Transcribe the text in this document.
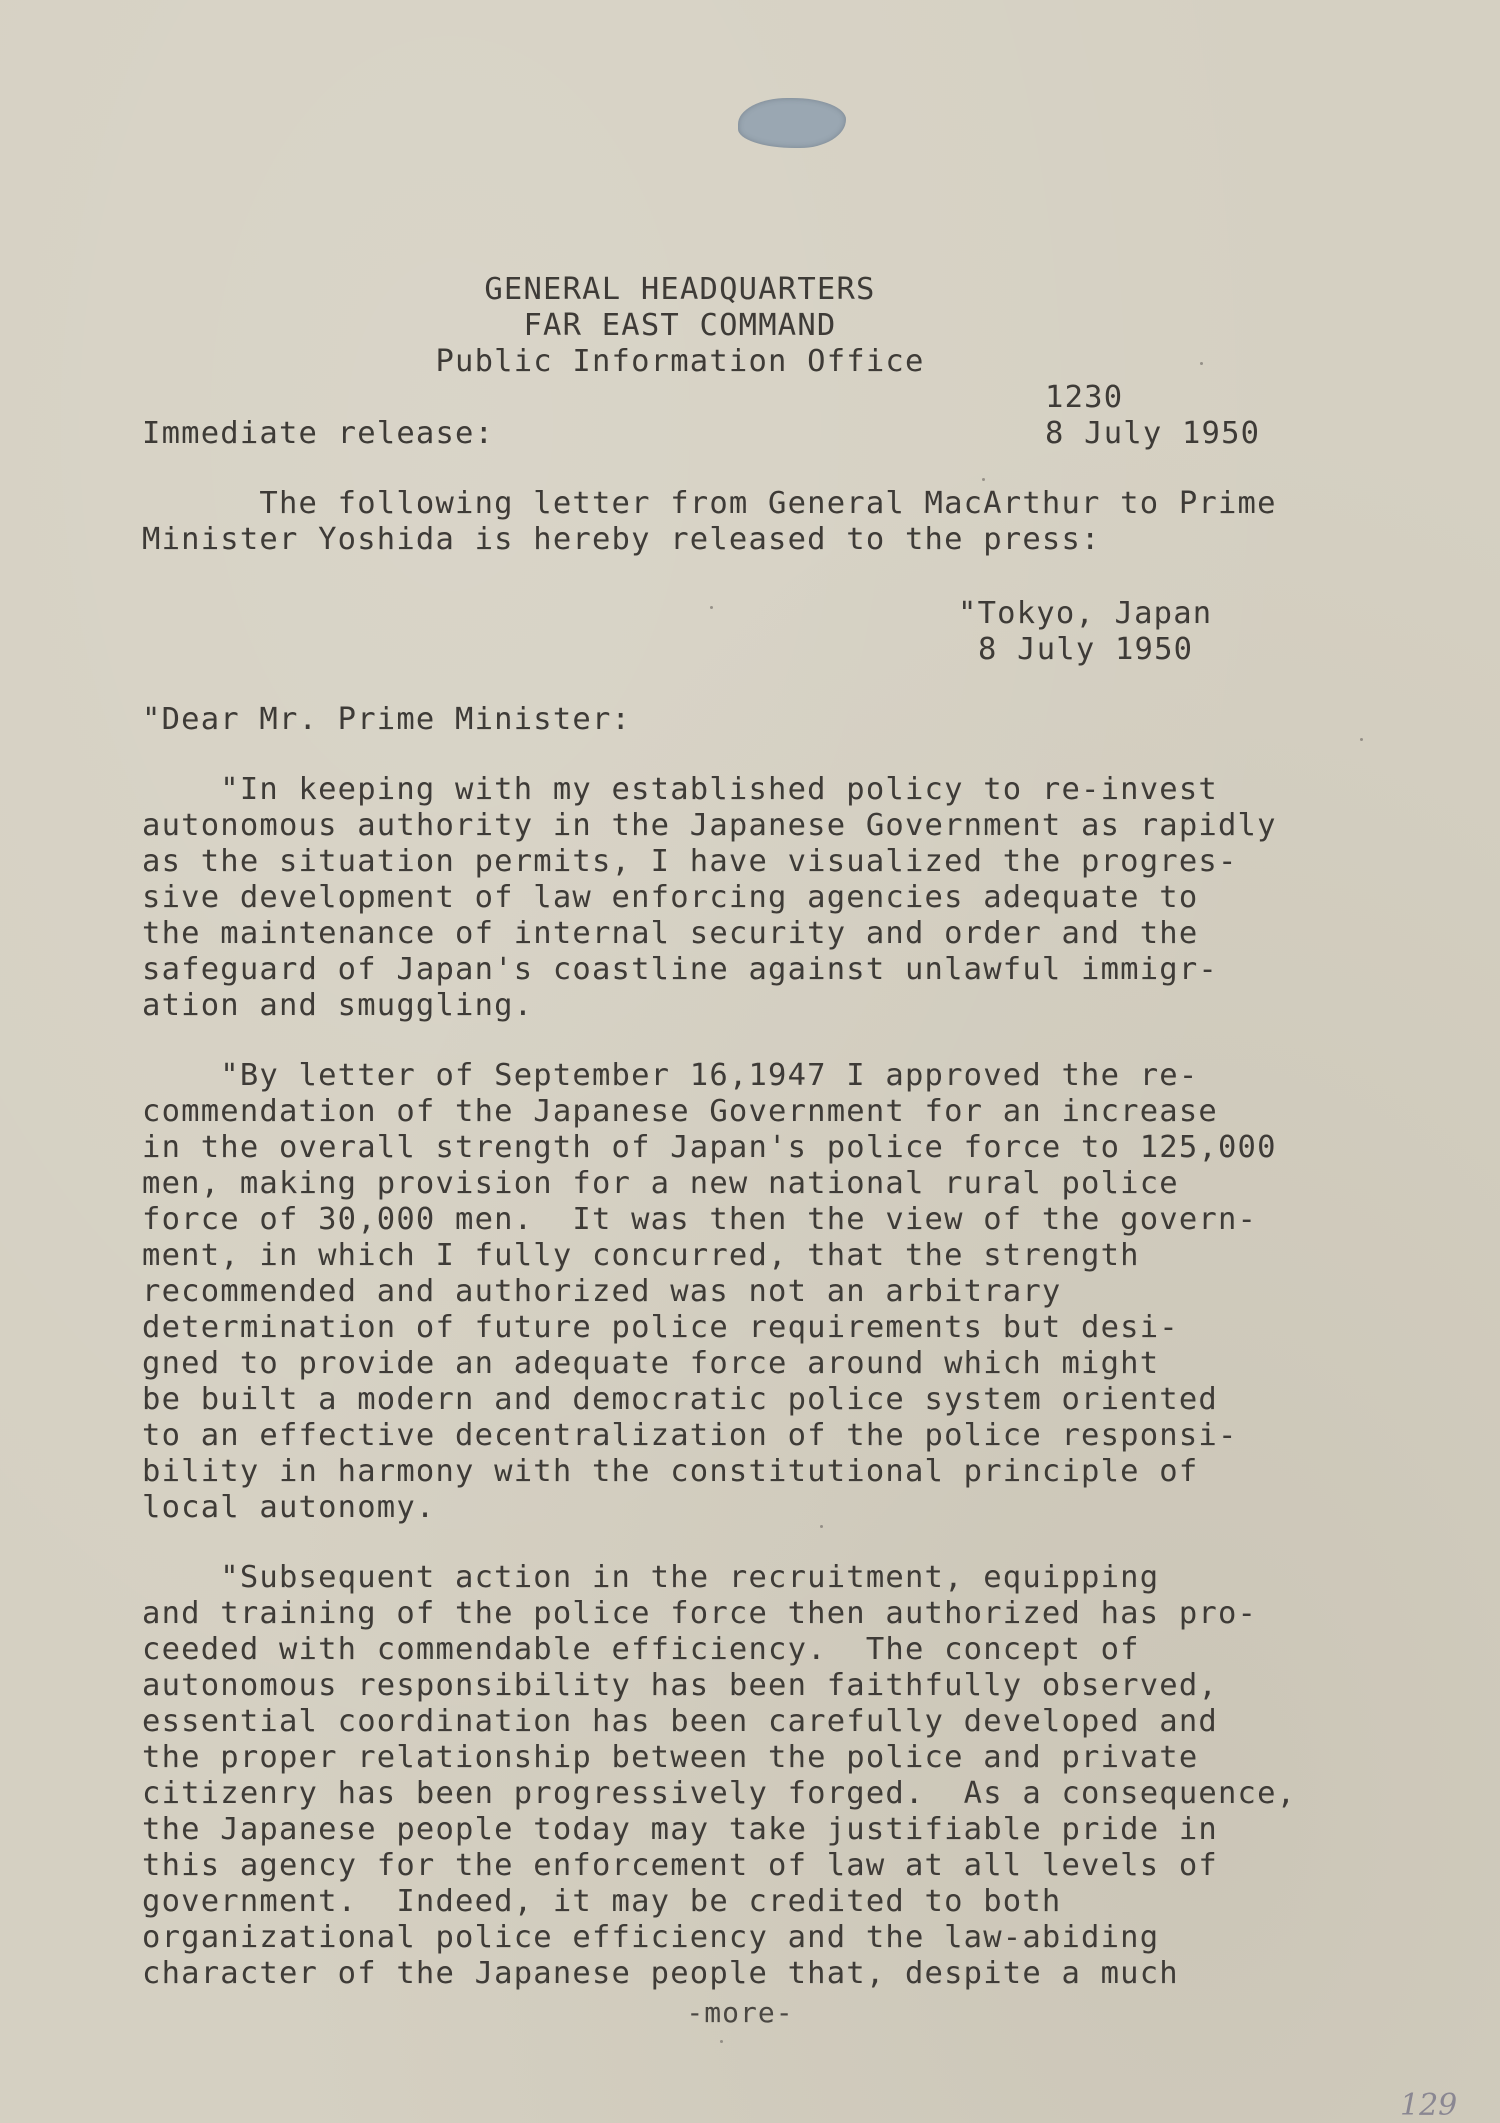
GENERAL HEADQUARTERS
FAR EAST COMMAND
Public Information Office
1230
Immediate release:	8 July 1950
The following letter from General MacArthur to Prime
Minister Yoshida is hereby released to the press:
"Tokyo, Japan
8 July 1950
"Dear Mr. Prime Minister:
"In keeping with my established policy to re-invest
autonomous authority in the Japanese Government as rapidly
as the situation permits, I have visualized the progres-
sive development of law enforcing agencies adequate to
the maintenance of internal security and order and the
safeguard of Japan's coastline against unlawful immigr-
ation and smuggling.
"By letter of September 16,1947 I approved the re-
commendation of the Japanese Government for an increase
in the overall strength of Japan's police force to 125,000
men, making provision for a new national rural police
force of 30,000 men.  It was then the view of the govern-
ment, in which I fully concurred, that the strength
recommended and authorized was not an arbitrary
determination of future police requirements but desi-
gned to provide an adequate force around which might
be built a modern and democratic police system oriented
to an effective decentralization of the police responsi-
bility in harmony with the constitutional principle of
local autonomy.
"Subsequent action in the recruitment, equipping
and training of the police force then authorized has pro-
ceeded with commendable efficiency.  The concept of
autonomous responsibility has been faithfully observed,
essential coordination has been carefully developed and
the proper relationship between the police and private
citizenry has been progressively forged.  As a consequence,
the Japanese people today may take justifiable pride in
this agency for the enforcement of law at all levels of
government.  Indeed, it may be credited to both
organizational police efficiency and the law-abiding
character of the Japanese people that, despite a much
-more-
129
